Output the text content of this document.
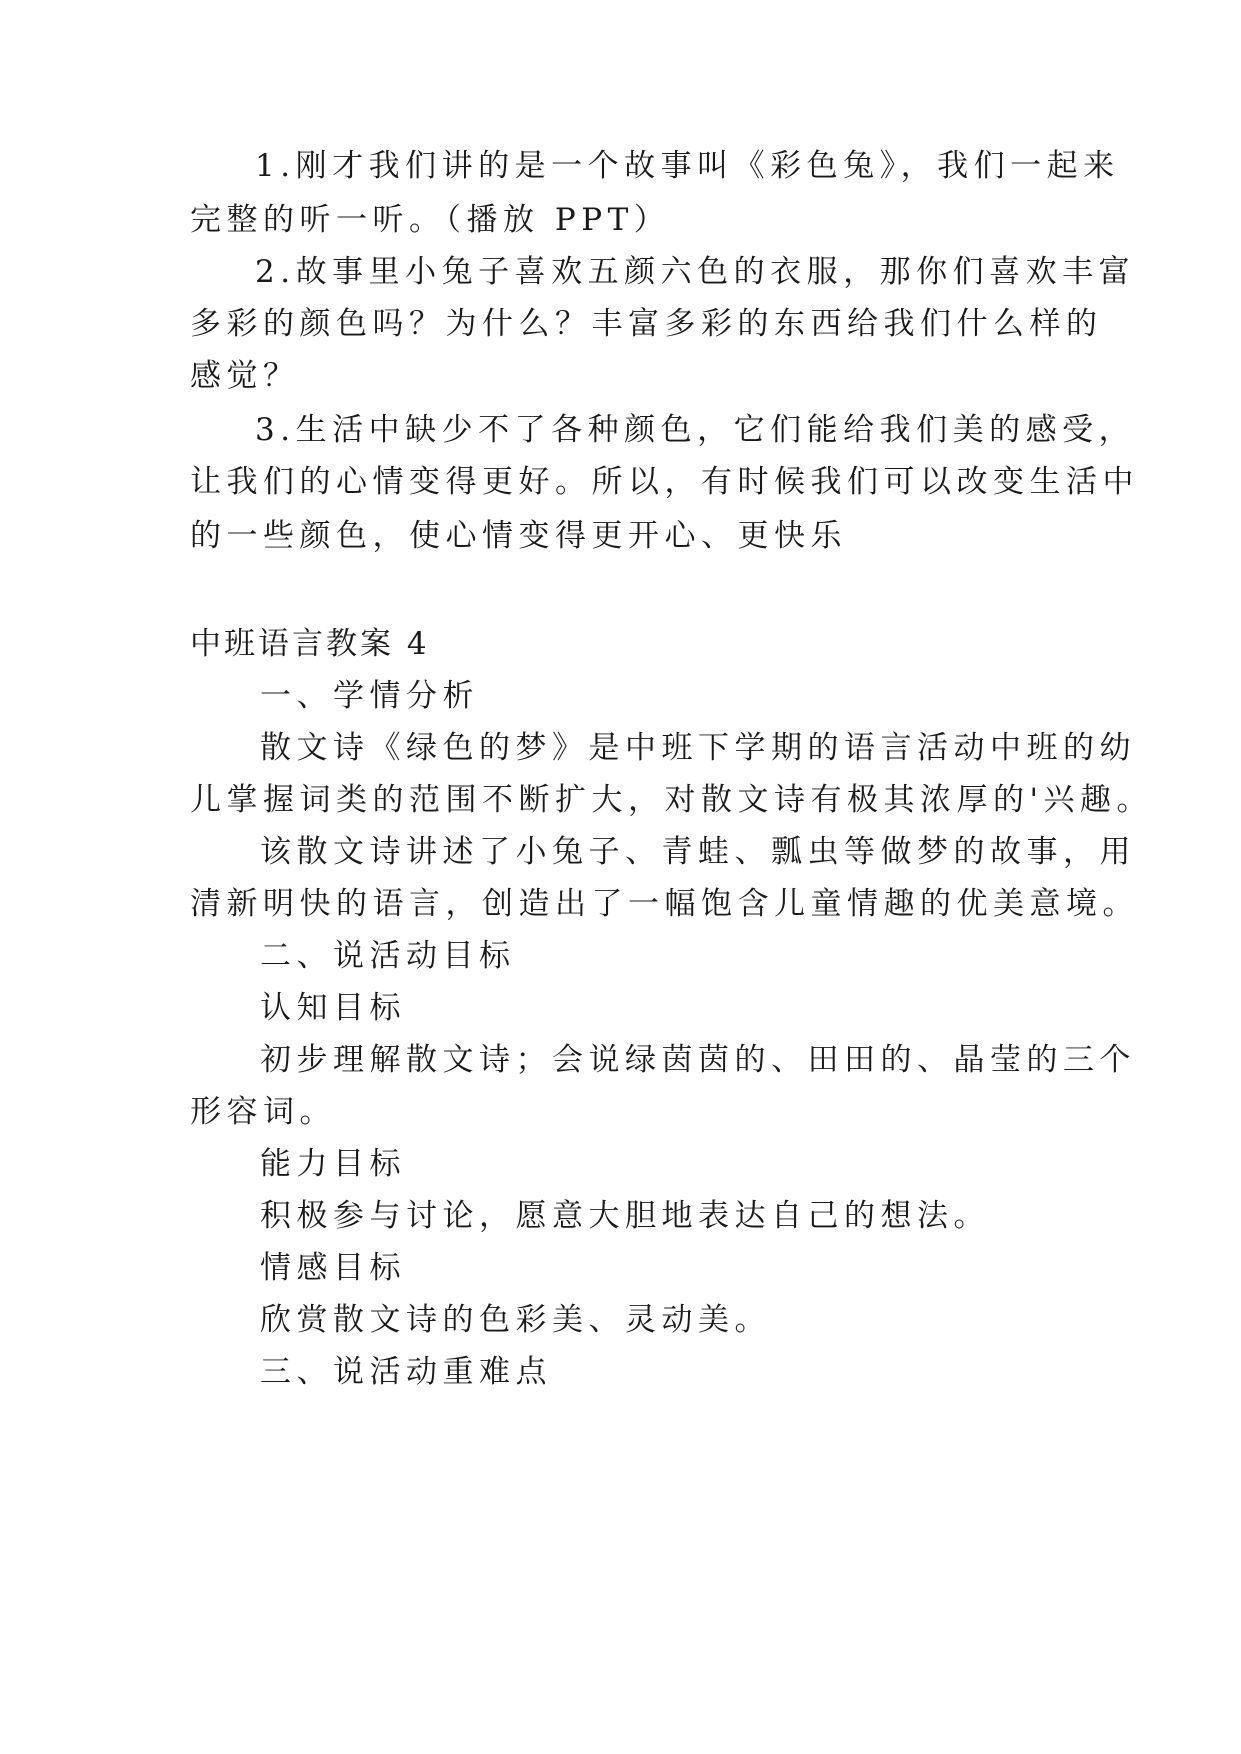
1.刚才我们讲的是一个故事叫《彩色兔》，我们一起来
完整的听一听。（播放 PPT）
2.故事里小兔子喜欢五颜六色的衣服，那你们喜欢丰富
多彩的颜色吗？为什么？丰富多彩的东西给我们什么样的
感觉？
3.生活中缺少不了各种颜色，它们能给我们美的感受，
让我们的心情变得更好。所以，有时候我们可以改变生活中
的一些颜色，使心情变得更开心、更快乐
中班语言教案 4
一、学情分析
散文诗《绿色的梦》是中班下学期的语言活动中班的幼
儿掌握词类的范围不断扩大，对散文诗有极其浓厚的'兴趣。
该散文诗讲述了小兔子、青蛙、瓢虫等做梦的故事，用
清新明快的语言，创造出了一幅饱含儿童情趣的优美意境。
二、说活动目标
认知目标
初步理解散文诗；会说绿茵茵的、田田的、晶莹的三个
形容词。
能力目标
积极参与讨论，愿意大胆地表达自己的想法。
情感目标
欣赏散文诗的色彩美、灵动美。
三、说活动重难点
